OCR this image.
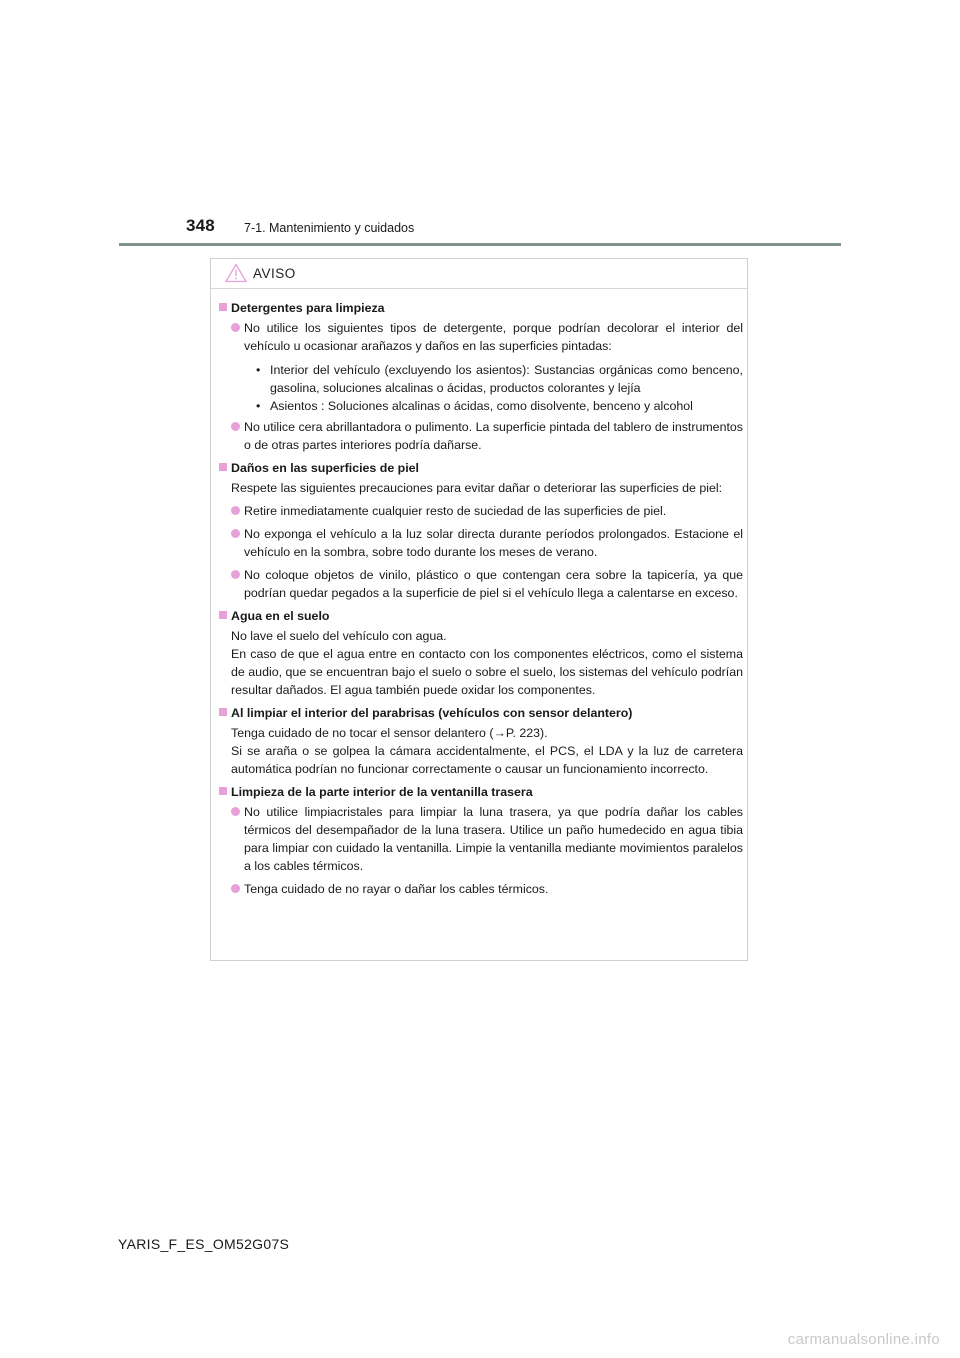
348 7-1. Mantenimiento y cuidados
AVISO
Detergentes para limpieza
No utilice los siguientes tipos de detergente, porque podrían decolorar el interior del vehículo u ocasionar arañazos y daños en las superficies pintadas:
• Interior del vehículo (excluyendo los asientos): Sustancias orgánicas como benceno, gasolina, soluciones alcalinas o ácidas, productos colorantes y lejía
• Asientos : Soluciones alcalinas o ácidas, como disolvente, benceno y alcohol
No utilice cera abrillantadora o pulimento. La superficie pintada del tablero de instrumentos o de otras partes interiores podría dañarse.
Daños en las superficies de piel
Respete las siguientes precauciones para evitar dañar o deteriorar las superficies de piel:
Retire inmediatamente cualquier resto de suciedad de las superficies de piel.
No exponga el vehículo a la luz solar directa durante períodos prolongados. Estacione el vehículo en la sombra, sobre todo durante los meses de verano.
No coloque objetos de vinilo, plástico o que contengan cera sobre la tapicería, ya que podrían quedar pegados a la superficie de piel si el vehículo llega a calentarse en exceso.
Agua en el suelo
No lave el suelo del vehículo con agua.
En caso de que el agua entre en contacto con los componentes eléctricos, como el sistema de audio, que se encuentran bajo el suelo o sobre el suelo, los sistemas del vehículo podrían resultar dañados. El agua también puede oxidar los componentes.
Al limpiar el interior del parabrisas (vehículos con sensor delantero)
Tenga cuidado de no tocar el sensor delantero (→P. 223).
Si se araña o se golpea la cámara accidentalmente, el PCS, el LDA y la luz de carretera automática podrían no funcionar correctamente o causar un funcionamiento incorrecto.
Limpieza de la parte interior de la ventanilla trasera
No utilice limpiacristales para limpiar la luna trasera, ya que podría dañar los cables térmicos del desempañador de la luna trasera. Utilice un paño humedecido en agua tibia para limpiar con cuidado la ventanilla. Limpie la ventanilla mediante movimientos paralelos a los cables térmicos.
Tenga cuidado de no rayar o dañar los cables térmicos.
YARIS_F_ES_OM52G07S
carmanualsonline.info
